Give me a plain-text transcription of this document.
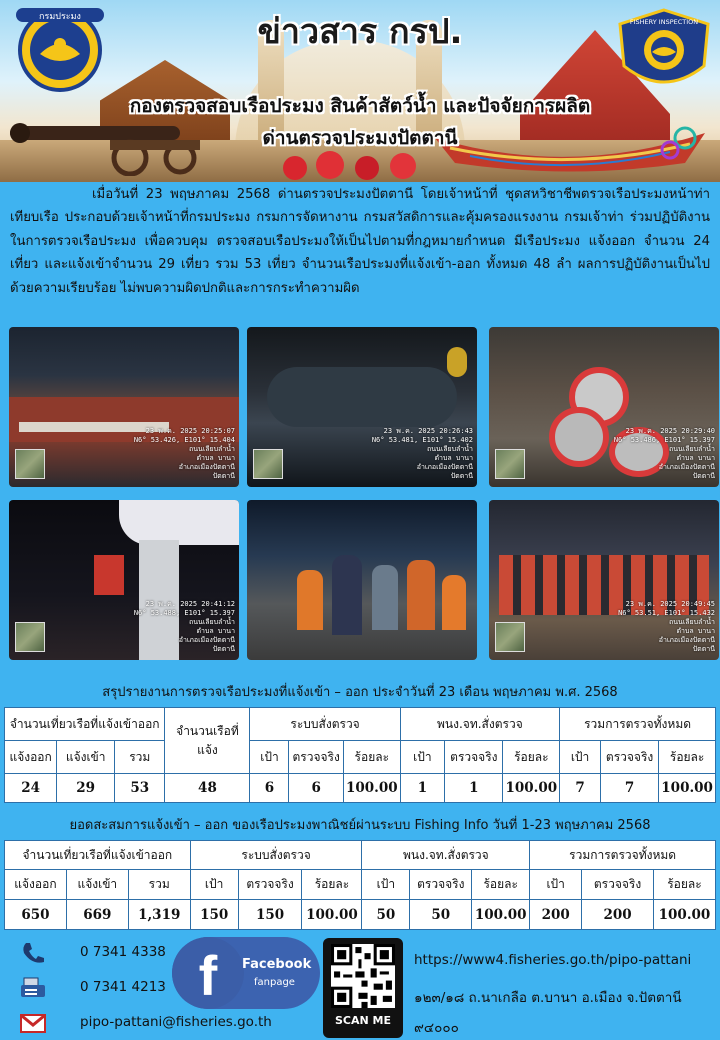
กรมประมง	FISHERY INSPECTION
ข่าวสาร กรป.
กองตรวจสอบเรือประมง สินค้าสัตว์น้ำ และปัจจัยการผลิต
ด่านตรวจประมงปัตตานี

เมื่อวันที่ 23 พฤษภาคม 2568 ด่านตรวจประมงปัตตานี โดยเจ้าหน้าที่ ชุดสหวิชาชีพตรวจเรือประมงหน้าท่าเทียบเรือ ประกอบด้วยเจ้าหน้าที่กรมประมง กรมการจัดหางาน กรมสวัสดิการและคุ้มครองแรงงาน กรมเจ้าท่า ร่วมปฏิบัติงานในการตรวจเรือประมง เพื่อควบคุม ตรวจสอบเรือประมงให้เป็นไปตามที่กฎหมายกำหนด มีเรือประมง แจ้งออก จำนวน 24 เที่ยว และแจ้งเข้าจำนวน 29 เที่ยว รวม 53 เที่ยว จำนวนเรือประมงที่แจ้งเข้า-ออก ทั้งหมด 48 ลำ ผลการปฏิบัติงานเป็นไปด้วยความเรียบร้อย ไม่พบความผิดปกติและการกระทำความผิด

23 พ.ค. 2025 20:25:07
N6° 53.426, E101° 15.404
ถนนเลียบลำน้ำ
ตำบล บานา
อำเภอเมืองปัตตานี
ปัตตานี
23 พ.ค. 2025 20:26:43
N6° 53.481, E101° 15.402
ถนนเลียบลำน้ำ
ตำบล บานา
อำเภอเมืองปัตตานี
ปัตตานี
23 พ.ค. 2025 20:29:40
N6° 53.486, E101° 15.397
ถนนเลียบลำน้ำ
ตำบล บานา
อำเภอเมืองปัตตานี
ปัตตานี
23 พ.ค. 2025 20:41:12
N6° 53.488, E101° 15.397
ถนนเลียบลำน้ำ
ตำบล บานา
อำเภอเมืองปัตตานี
ปัตตานี
23 พ.ค. 2025 20:49:45
N6° 53.51, E101° 15.432
ถนนเลียบลำน้ำ
ตำบล บานา
อำเภอเมืองปัตตานี
ปัตตานี
สรุปรายงานการตรวจเรือประมงที่แจ้งเข้า – ออก ประจำวันที่ 23 เดือน พฤษภาคม พ.ศ. 2568
จำนวนเที่ยวเรือที่แจ้งเข้าออก			จำนวนเรือที่แจ้ง	ระบบสั่งตรวจ			พนง.จท.สั่งตรวจ			รวมการตรวจทั้งหมด		
แจ้งออก	แจ้งเข้า	รวม		เป้า	ตรวจจริง	ร้อยละ	เป้า	ตรวจจริง	ร้อยละ	เป้า	ตรวจจริง	ร้อยละ
24	29	53	48	6	6	100.00	1	1	100.00	7	7	100.00
ยอดสะสมการแจ้งเข้า – ออก ของเรือประมงพาณิชย์ผ่านระบบ Fishing Info วันที่ 1-23 พฤษภาคม 2568
จำนวนเที่ยวเรือที่แจ้งเข้าออก			ระบบสั่งตรวจ			พนง.จท.สั่งตรวจ			รวมการตรวจทั้งหมด		
แจ้งออก	แจ้งเข้า	รวม	เป้า	ตรวจจริง	ร้อยละ	เป้า	ตรวจจริง	ร้อยละ	เป้า	ตรวจจริง	ร้อยละ
650	669	1,319	150	150	100.00	50	50	100.00	200	200	100.00
0 7341 4338
0 7341 4213
pipo-pattani@fisheries.go.th
f	Facebook
fanpage
SCAN ME
https://www4.fisheries.go.th/pipo-pattani
๑๒๓/๑๘ ถ.นาเกลือ ต.บานา อ.เมือง จ.ปัตตานี ๙๔๐๐๐
